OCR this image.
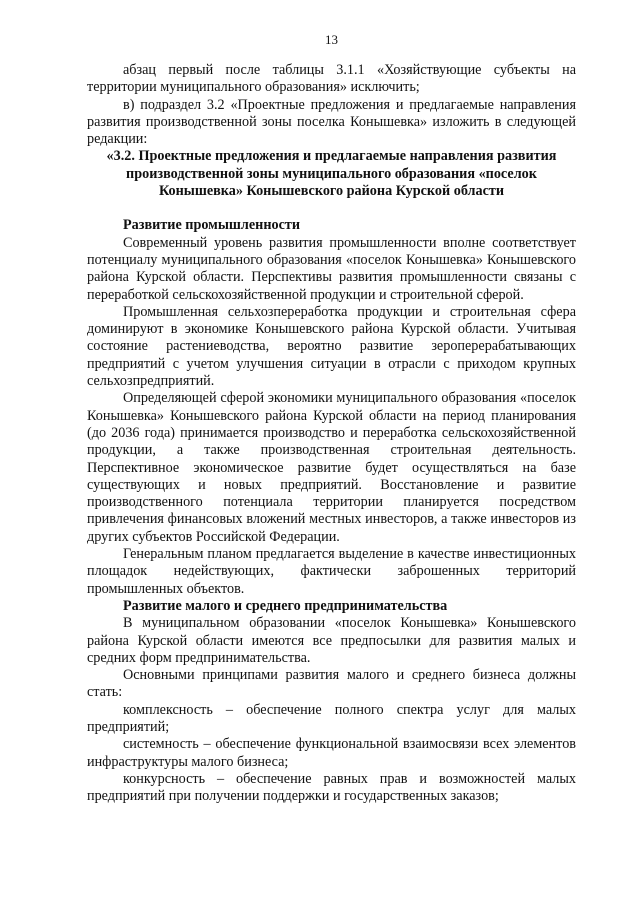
13

абзац первый после таблицы 3.1.1 «Хозяйствующие субъекты на территории муниципального образования» исключить;

в) подраздел 3.2 «Проектные предложения и предлагаемые направления развития производственной зоны поселка Конышевка» изложить в следующей редакции:

«3.2. Проектные предложения и предлагаемые направления развития производственной зоны муниципального образования «поселок Конышевка» Конышевского района Курской области

Развитие промышленности

Современный уровень развития промышленности вполне соответствует потенциалу муниципального образования «поселок Конышевка» Конышевского района Курской области. Перспективы развития промышленности связаны с переработкой сельскохозяйственной продукции и строительной сферой.

Промышленная сельхозпереработка продукции и строительная сфера доминируют в экономике Конышевского района Курской области. Учитывая состояние растениеводства, вероятно развитие зероперерабатывающих предприятий с учетом улучшения ситуации в отрасли с приходом крупных сельхозпредприятий.

Определяющей сферой экономики муниципального образования «поселок Конышевка» Конышевского района Курской области на период планирования (до 2036 года) принимается производство и переработка сельскохозяйственной продукции, а также производственная строительная деятельность. Перспективное экономическое развитие будет осуществляться на базе существующих и новых предприятий. Восстановление и развитие производственного потенциала территории планируется посредством привлечения финансовых вложений местных инвесторов, а также инвесторов из других субъектов Российской Федерации.

Генеральным планом предлагается выделение в качестве инвестиционных площадок недействующих, фактически заброшенных территорий промышленных объектов.

Развитие малого и среднего предпринимательства

В муниципальном образовании «поселок Конышевка» Конышевского района Курской области имеются все предпосылки для развития малых и средних форм предпринимательства.

Основными принципами развития малого и среднего бизнеса должны стать:

комплексность – обеспечение полного спектра услуг для малых предприятий;

системность – обеспечение функциональной взаимосвязи всех элементов инфраструктуры малого бизнеса;

конкурсность – обеспечение равных прав и возможностей малых предприятий при получении поддержки и государственных заказов;
